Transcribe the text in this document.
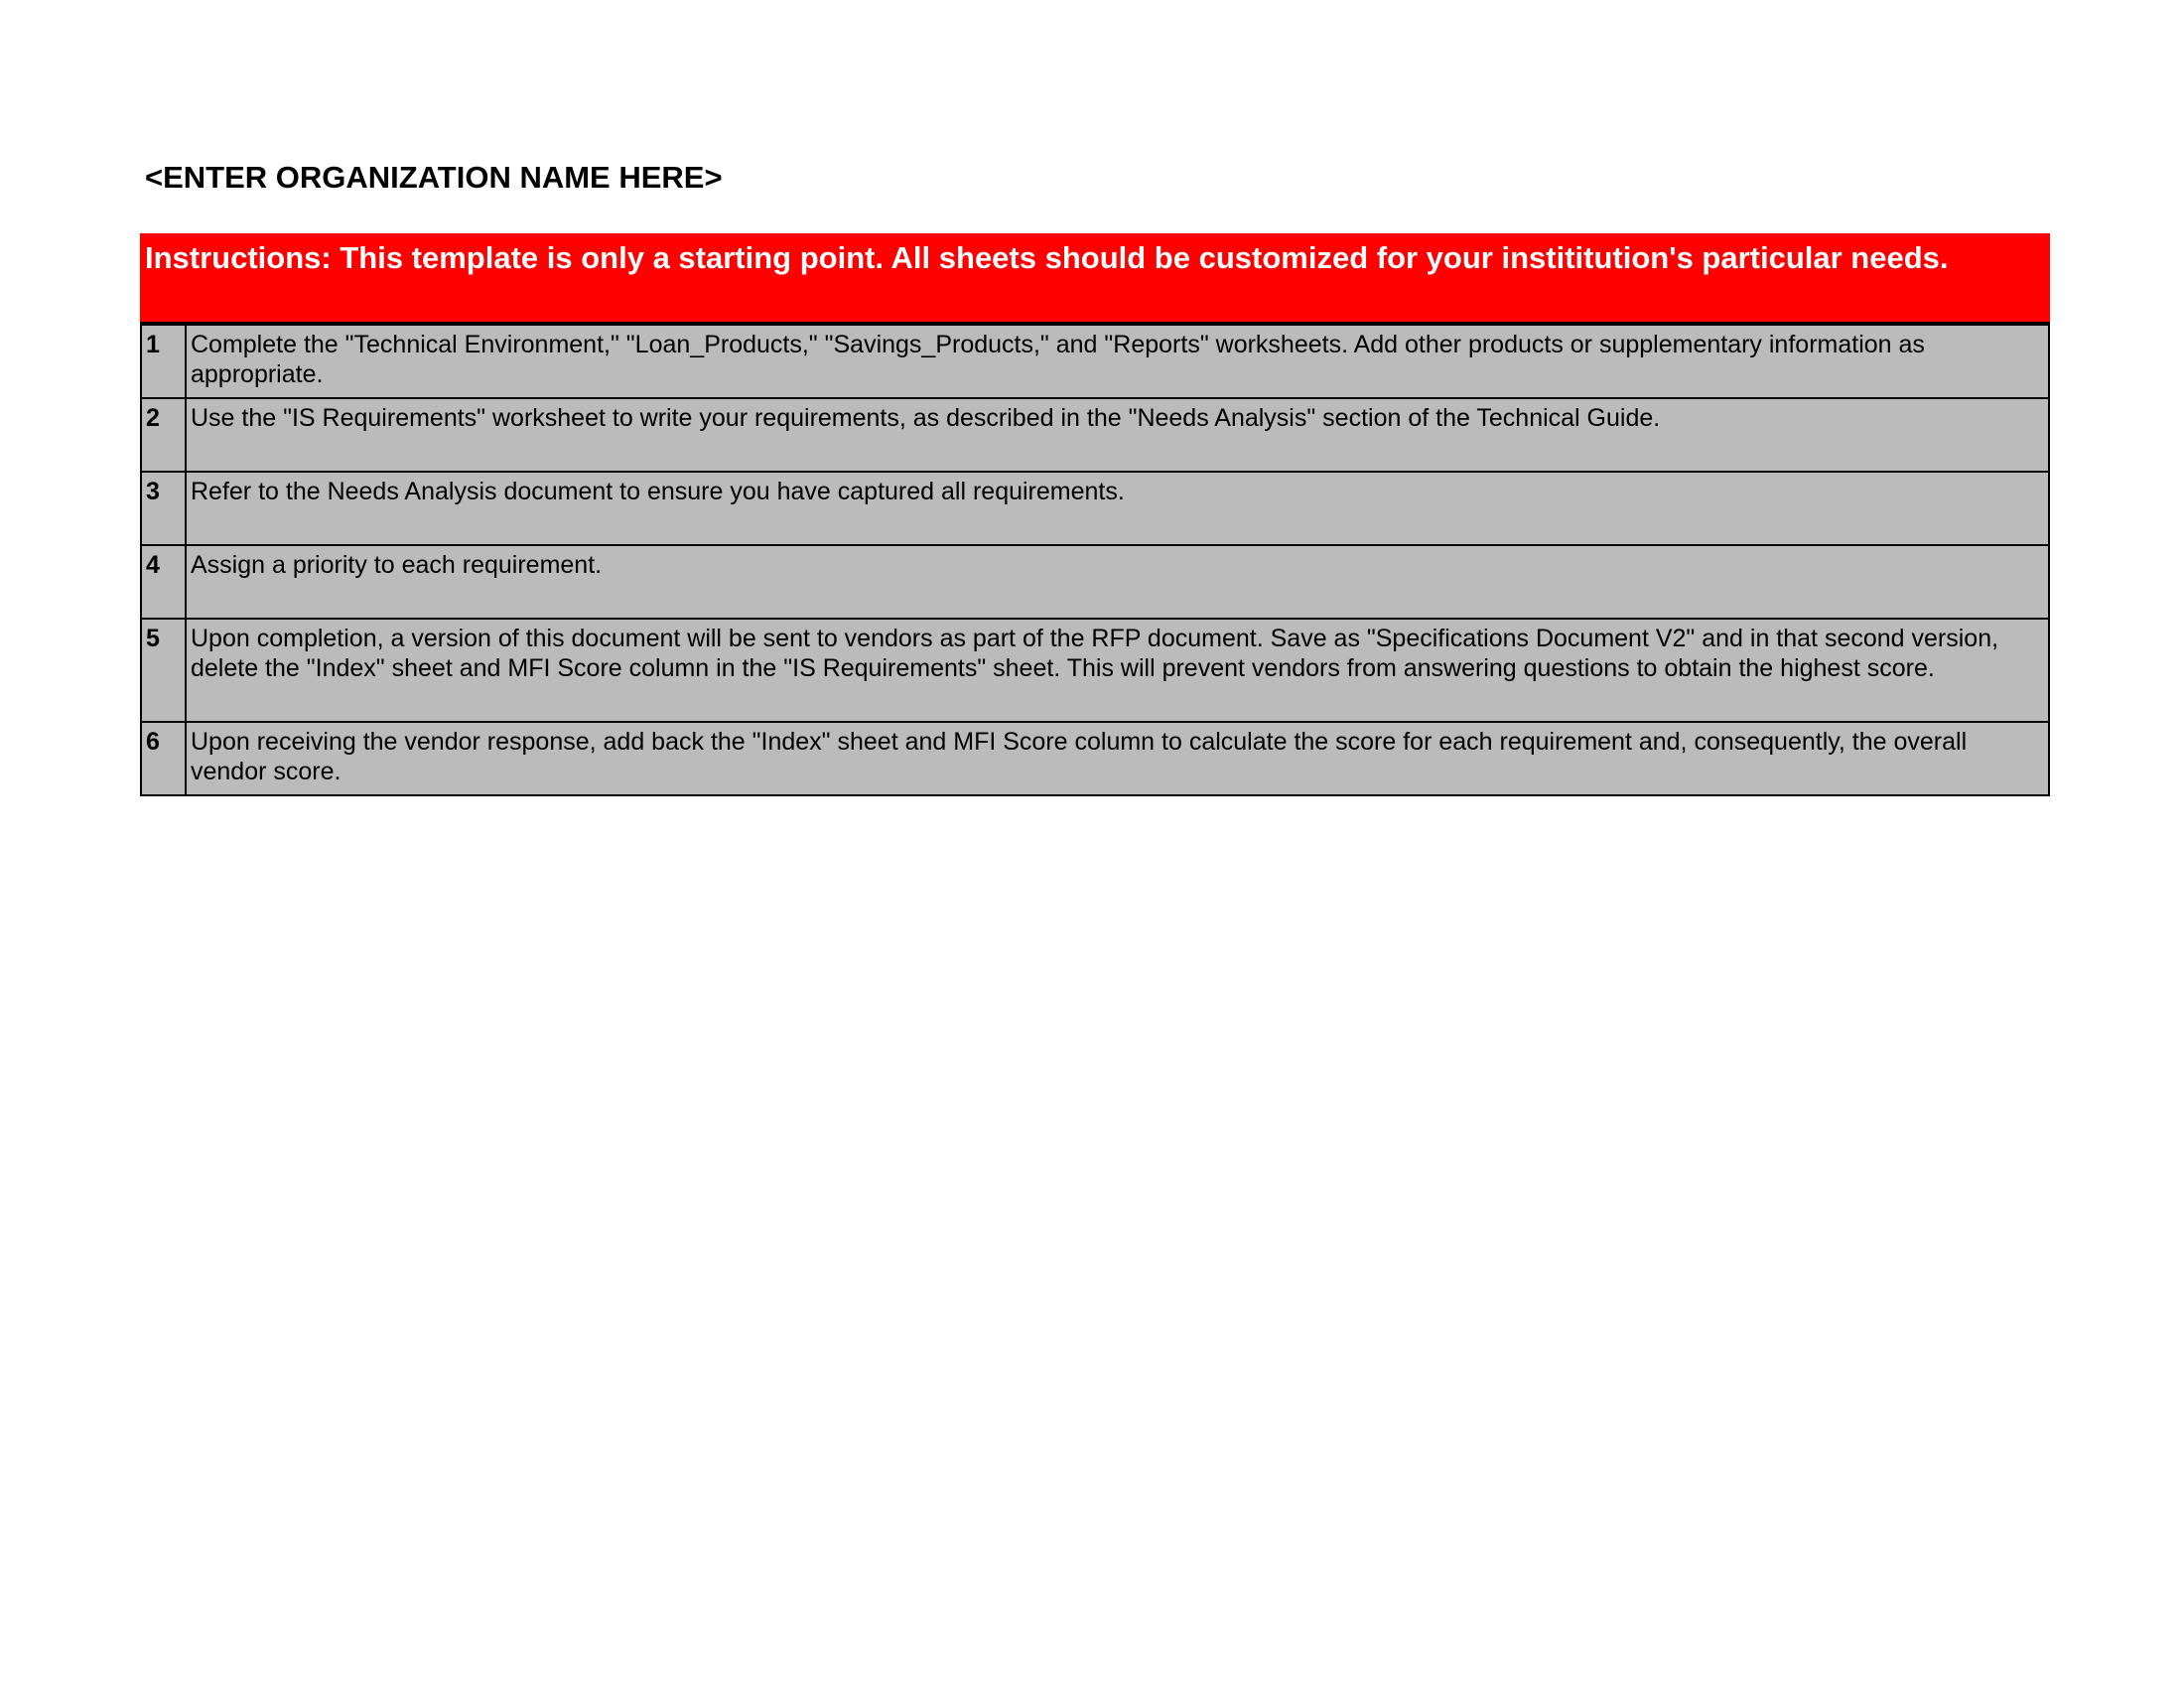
<ENTER ORGANIZATION NAME HERE>
Instructions: This template is only a starting point. All sheets should be customized for your instititution's particular needs.
1	Complete the "Technical Environment," "Loan_Products," "Savings_Products," and "Reports" worksheets. Add other products or supplementary information as appropriate.
2	Use the "IS Requirements" worksheet to write your requirements, as described in the "Needs Analysis" section of the Technical Guide.
3	Refer to the Needs Analysis document to ensure you have captured all requirements.
4	Assign a priority to each requirement.
5	Upon completion, a version of this document will be sent to vendors as part of the RFP document. Save as "Specifications Document V2" and in that second version, delete the "Index" sheet and MFI Score column in the "IS Requirements" sheet. This will prevent vendors from answering questions to obtain the highest score.
6	Upon receiving the vendor response, add back the "Index" sheet and MFI Score column to calculate the score for each requirement and, consequently, the overall vendor score.
